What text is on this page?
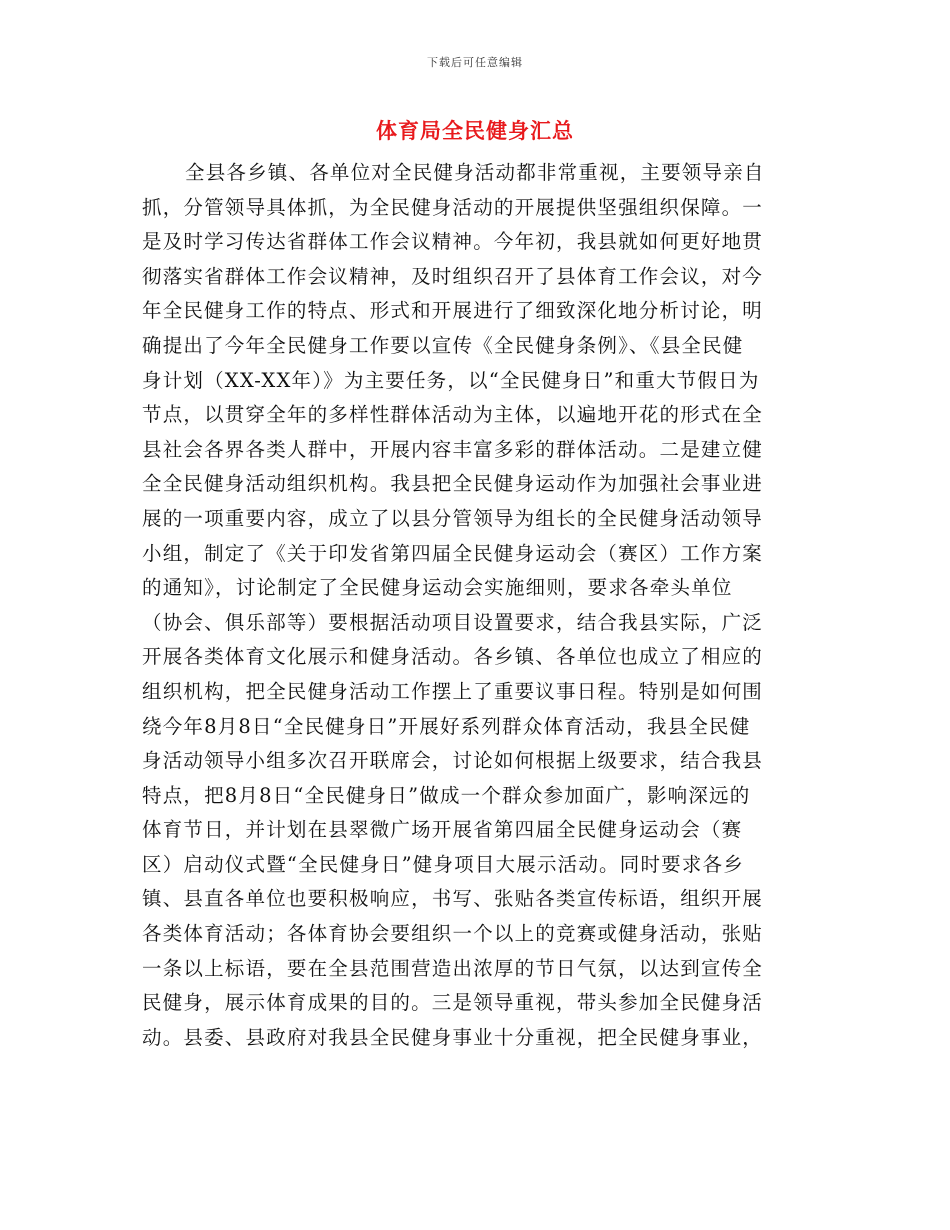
下载后可任意编辑
体育局全民健身汇总
全县各乡镇、各单位对全民健身活动都非常重视，主要领导亲自
抓，分管领导具体抓，为全民健身活动的开展提供坚强组织保障。一
是及时学习传达省群体工作会议精神。今年初，我县就如何更好地贯
彻落实省群体工作会议精神，及时组织召开了县体育工作会议，对今
年全民健身工作的特点、形式和开展进行了细致深化地分析讨论，明
确提出了今年全民健身工作要以宣传《全民健身条例》、《县全民健
身计划（XX-XX年）》为主要任务，以“全民健身日”和重大节假日为
节点，以贯穿全年的多样性群体活动为主体，以遍地开花的形式在全
县社会各界各类人群中，开展内容丰富多彩的群体活动。二是建立健
全全民健身活动组织机构。我县把全民健身运动作为加强社会事业进
展的一项重要内容，成立了以县分管领导为组长的全民健身活动领导
小组，制定了《关于印发省第四届全民健身运动会（赛区）工作方案
的通知》，讨论制定了全民健身运动会实施细则，要求各牵头单位
（协会、俱乐部等）要根据活动项目设置要求，结合我县实际，广泛
开展各类体育文化展示和健身活动。各乡镇、各单位也成立了相应的
组织机构，把全民健身活动工作摆上了重要议事日程。特别是如何围
绕今年8月8日“全民健身日”开展好系列群众体育活动，我县全民健
身活动领导小组多次召开联席会，讨论如何根据上级要求，结合我县
特点，把8月8日“全民健身日”做成一个群众参加面广，影响深远的
体育节日，并计划在县翠微广场开展省第四届全民健身运动会（赛
区）启动仪式暨“全民健身日”健身项目大展示活动。同时要求各乡
镇、县直各单位也要积极响应，书写、张贴各类宣传标语，组织开展
各类体育活动；各体育协会要组织一个以上的竞赛或健身活动，张贴
一条以上标语，要在全县范围营造出浓厚的节日气氛，以达到宣传全
民健身，展示体育成果的目的。三是领导重视，带头参加全民健身活
动。县委、县政府对我县全民健身事业十分重视，把全民健身事业，
